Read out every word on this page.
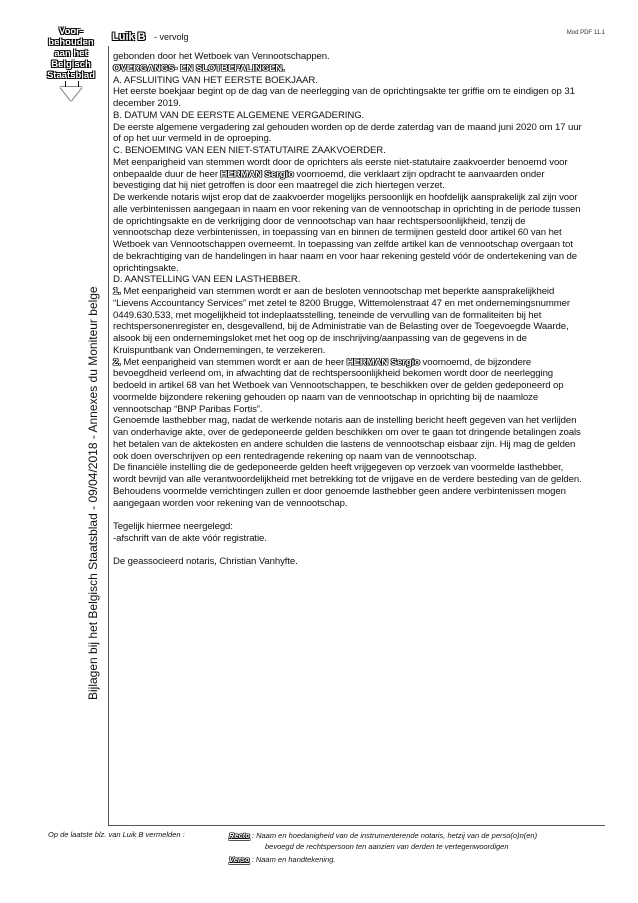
Voor-
behouden
aan het
Belgisch
Staatsblad
Bijlagen bij het Belgisch Staatsblad - 09/04/2018 - Annexes du Moniteur belge
Luik B - vervolg	Mod PDF 11.1

gebonden door het Wetboek van Vennootschappen.

OVERGANGS- EN SLOTBEPALINGEN.

A. AFSLUITING VAN HET EERSTE BOEKJAAR.

Het eerste boekjaar begint op de dag van de neerlegging van de oprichtingsakte ter griffie om te eindigen op 31 december 2019.

B. DATUM VAN DE EERSTE ALGEMENE VERGADERING.

De eerste algemene vergadering zal gehouden worden op de derde zaterdag van de maand juni 2020 om 17 uur of op het uur vermeld in de oproeping.

C. BENOEMING VAN EEN NIET-STATUTAIRE ZAAKVOERDER.

Met eenparigheid van stemmen wordt door de oprichters als eerste niet-statutaire zaakvoerder benoemd voor onbepaalde duur de heer HERMAN Sergio voornoemd, die verklaart zijn opdracht te aanvaarden onder bevestiging dat hij niet getroffen is door een maatregel die zich hiertegen verzet.

De werkende notaris wijst erop dat de zaakvoerder mogelijks persoonlijk en hoofdelijk aansprakelijk zal zijn voor alle verbintenissen aangegaan in naam en voor rekening van de vennootschap in oprichting in de periode tussen de oprichtingsakte en de verkrijging door de vennootschap van haar rechtspersoonlijkheid, tenzij de vennootschap deze verbintenissen, in toepassing van en binnen de termijnen gesteld door artikel 60 van het Wetboek van Vennootschappen overneemt. In toepassing van zelfde artikel kan de vennootschap overgaan tot de bekrachtiging van de handelingen in haar naam en voor haar rekening gesteld vóór de ondertekening van de oprichtingsakte.

D. AANSTELLING VAN EEN LASTHEBBER.

1. Met eenparigheid van stemmen wordt er aan de besloten vennootschap met beperkte aansprakelijkheid “Lievens Accountancy Services” met zetel te 8200 Brugge, Wittemolenstraat 47 en met ondernemingsnummer 0449.630.533, met mogelijkheid tot indeplaatsstelling, teneinde de vervulling van de formaliteiten bij het rechtspersonenregister en, desgevallend, bij de Administratie van de Belasting over de Toegevoegde Waarde, alsook bij een ondernemingsloket met het oog op de inschrijving/aanpassing van de gegevens in de Kruispuntbank van Ondernemingen, te verzekeren.

2. Met eenparigheid van stemmen wordt er aan de heer HERMAN Sergio voornoemd, de bijzondere bevoegdheid verleend om, in afwachting dat de rechtspersoonlijkheid bekomen wordt door de neerlegging bedoeld in artikel 68 van het Wetboek van Vennootschappen, te beschikken over de gelden gedeponeerd op voormelde bijzondere rekening gehouden op naam van de vennootschap in oprichting bij de naamloze vennootschap “BNP Paribas Fortis”.

Genoemde lasthebber mag, nadat de werkende notaris aan de instelling bericht heeft gegeven van het verlijden van onderhavige akte, over de gedeponeerde gelden beschikken om over te gaan tot dringende betalingen zoals het betalen van de aktekosten en andere schulden die lastens de vennootschap eisbaar zijn. Hij mag de gelden ook doen overschrijven op een rentedragende rekening op naam van de vennootschap.

De financiële instelling die de gedeponeerde gelden heeft vrijgegeven op verzoek van voormelde lasthebber, wordt bevrijd van alle verantwoordelijkheid met betrekking tot de vrijgave en de verdere besteding van de gelden.

Behoudens voormelde verrichtingen zullen er door genoemde lasthebber geen andere verbintenissen mogen aangegaan worden voor rekening van de vennootschap.

Tegelijk hiermee neergelegd:

-afschrift van de akte vóór registratie.

De geassocieerd notaris, Christian Vanhyfte.

Op de laatste blz. van Luik B vermelden :	Recto : Naam en hoedanigheid van de instrumenterende notaris, hetzij van de perso(o)n(en)
bevoegd de rechtspersoon ten aanzien van derden te vertegenwoordigen
Verso : Naam en handtekening.
